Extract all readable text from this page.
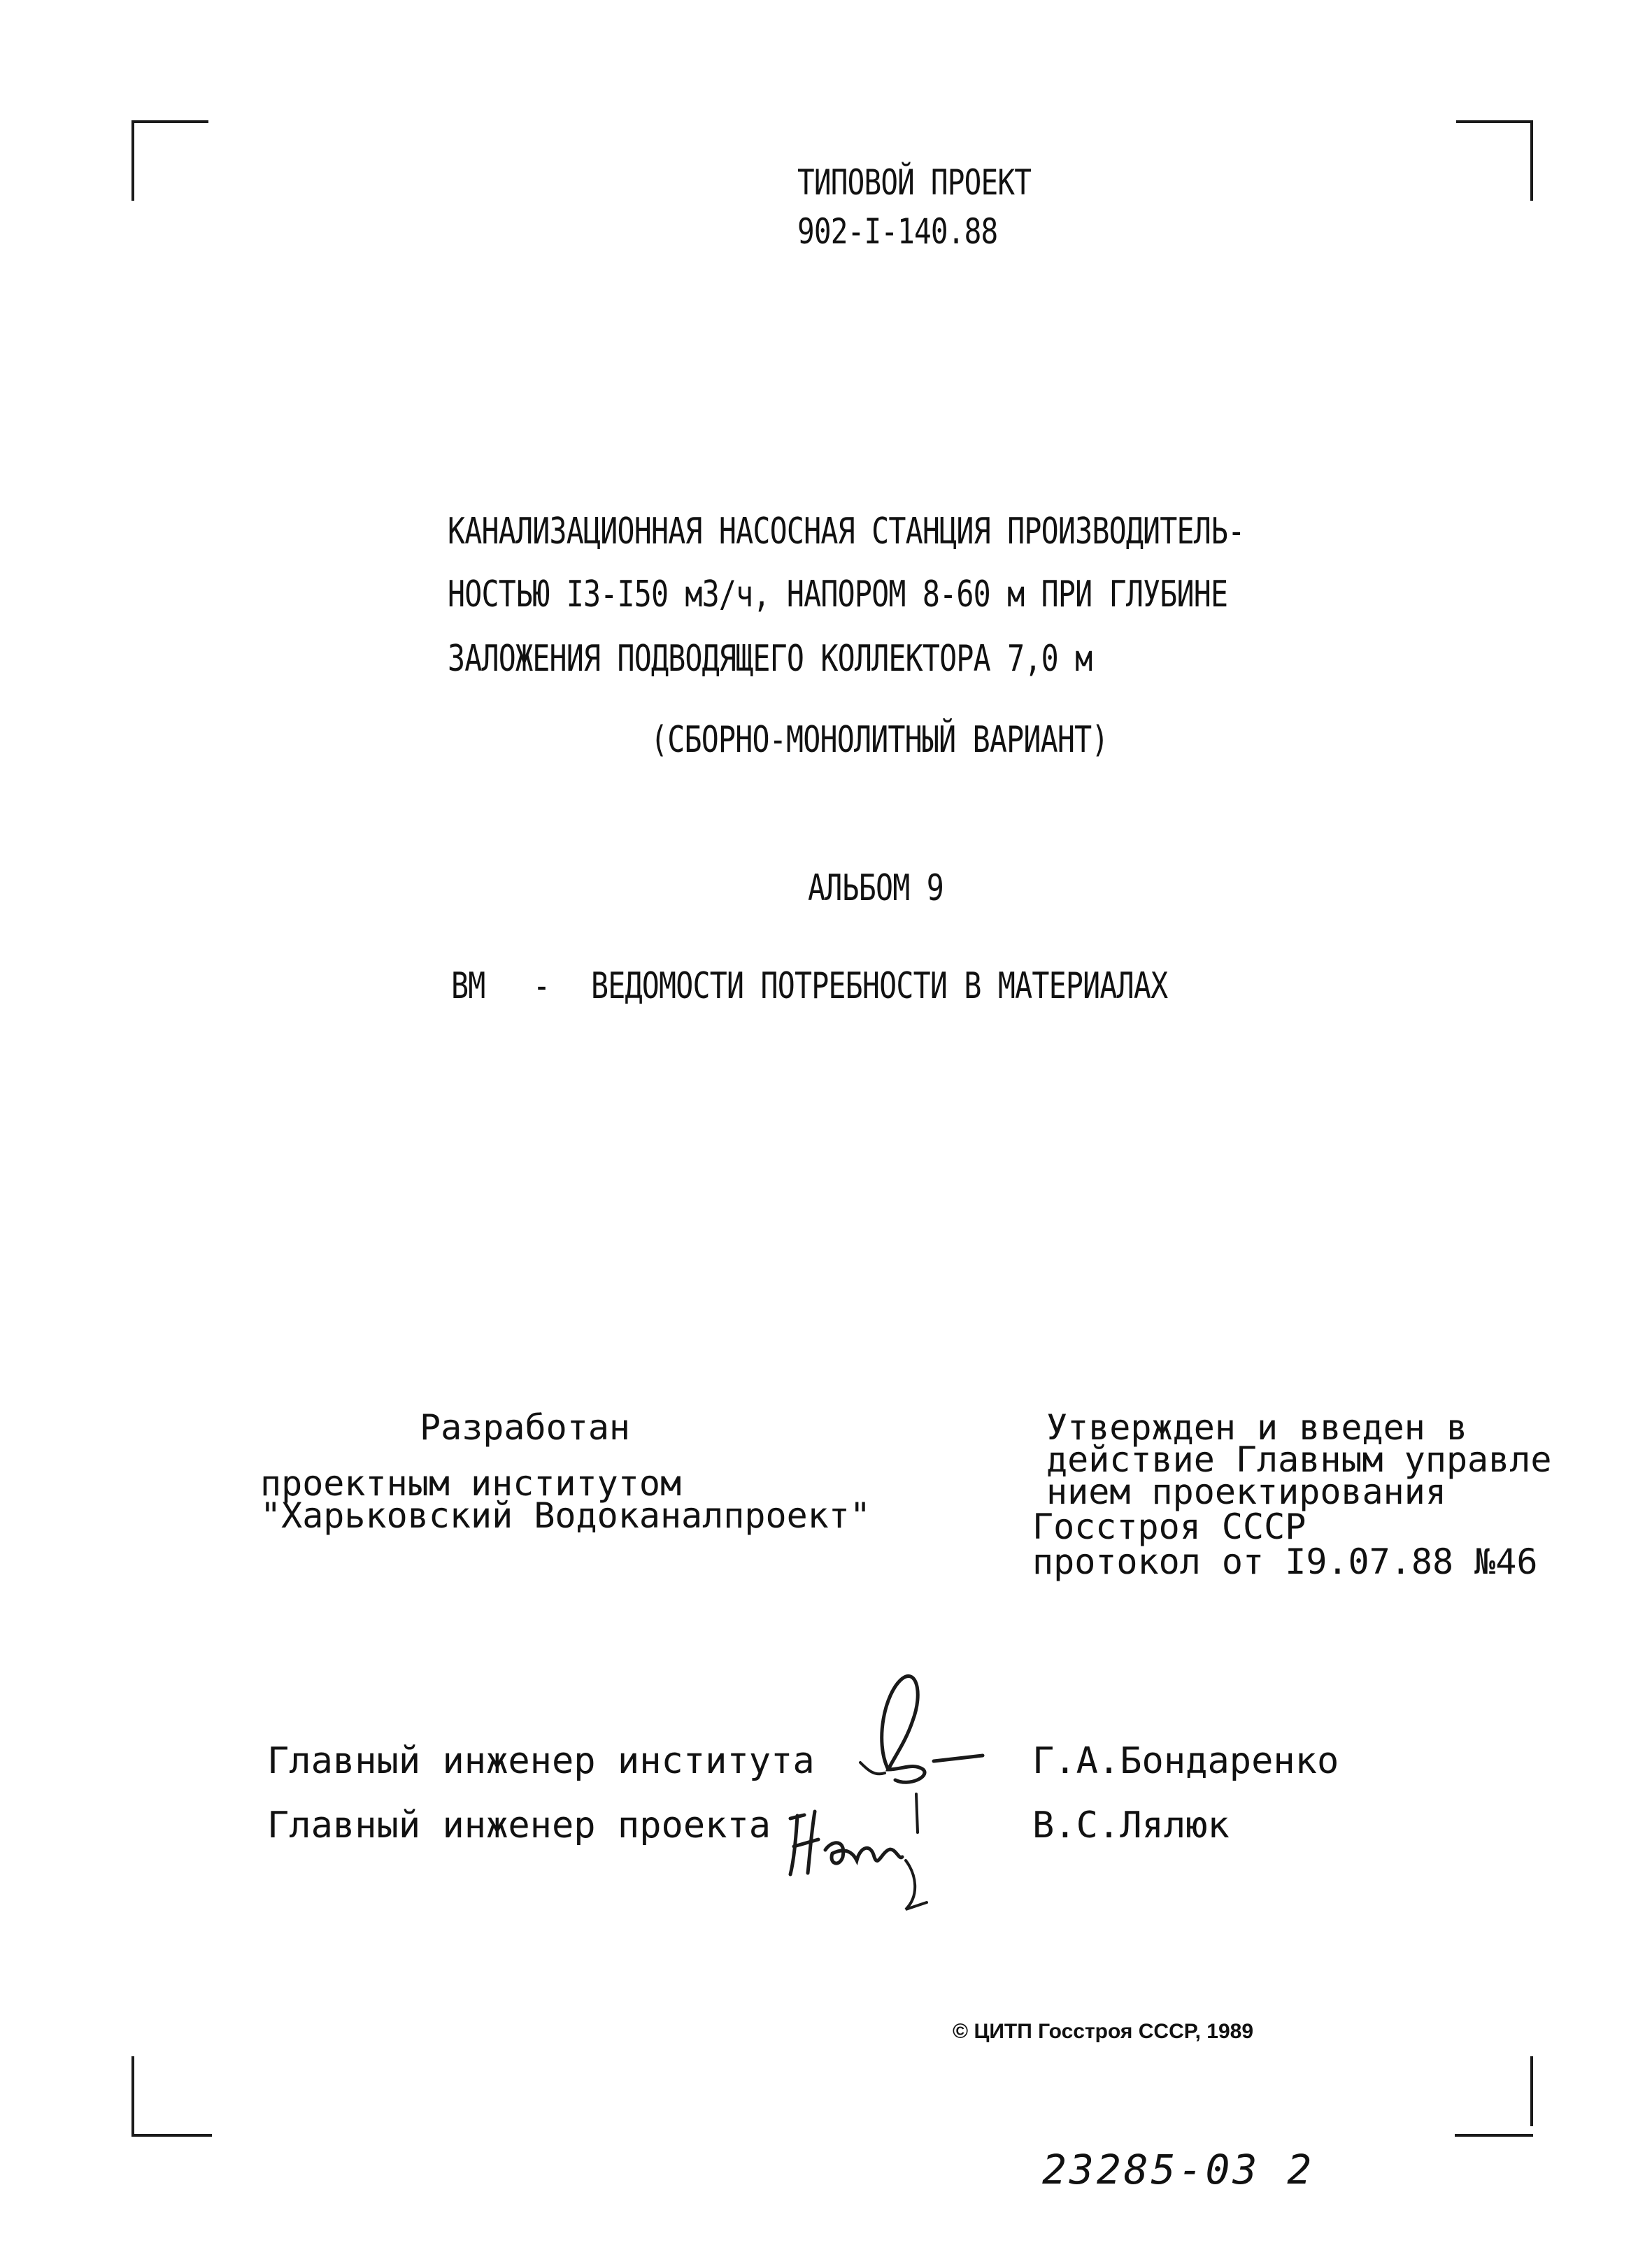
ТИПОВОЙ ПРОЕКТ
902-I-140.88
КАНАЛИЗАЦИОННАЯ НАСОСНАЯ СТАНЦИЯ ПРОИЗВОДИТЕЛЬ-
НОСТЬЮ I3-I50 м3/ч, НАПОРОМ 8-60 м ПРИ ГЛУБИНЕ
ЗАЛОЖЕНИЯ ПОДВОДЯЩЕГО КОЛЛЕКТОРА 7,0 м
(СБОРНО-МОНОЛИТНЫЙ ВАРИАНТ)
АЛЬБОМ 9
ВМ - ВЕДОМОСТИ ПОТРЕБНОСТИ В МАТЕРИАЛАХ
Разработан
проектным институтом
"Харьковский Водоканалпроект"
Утвержден и введен в
действие Главным управле
нием проектирования
Госстроя СССР
протокол от I9.07.88 №46
Главный инженер института	Г.А.Бондаренко
Главный инженер проекта	В.С.Лялюк
© ЦИТП Госстроя СССР, 1989
23285-03 2
